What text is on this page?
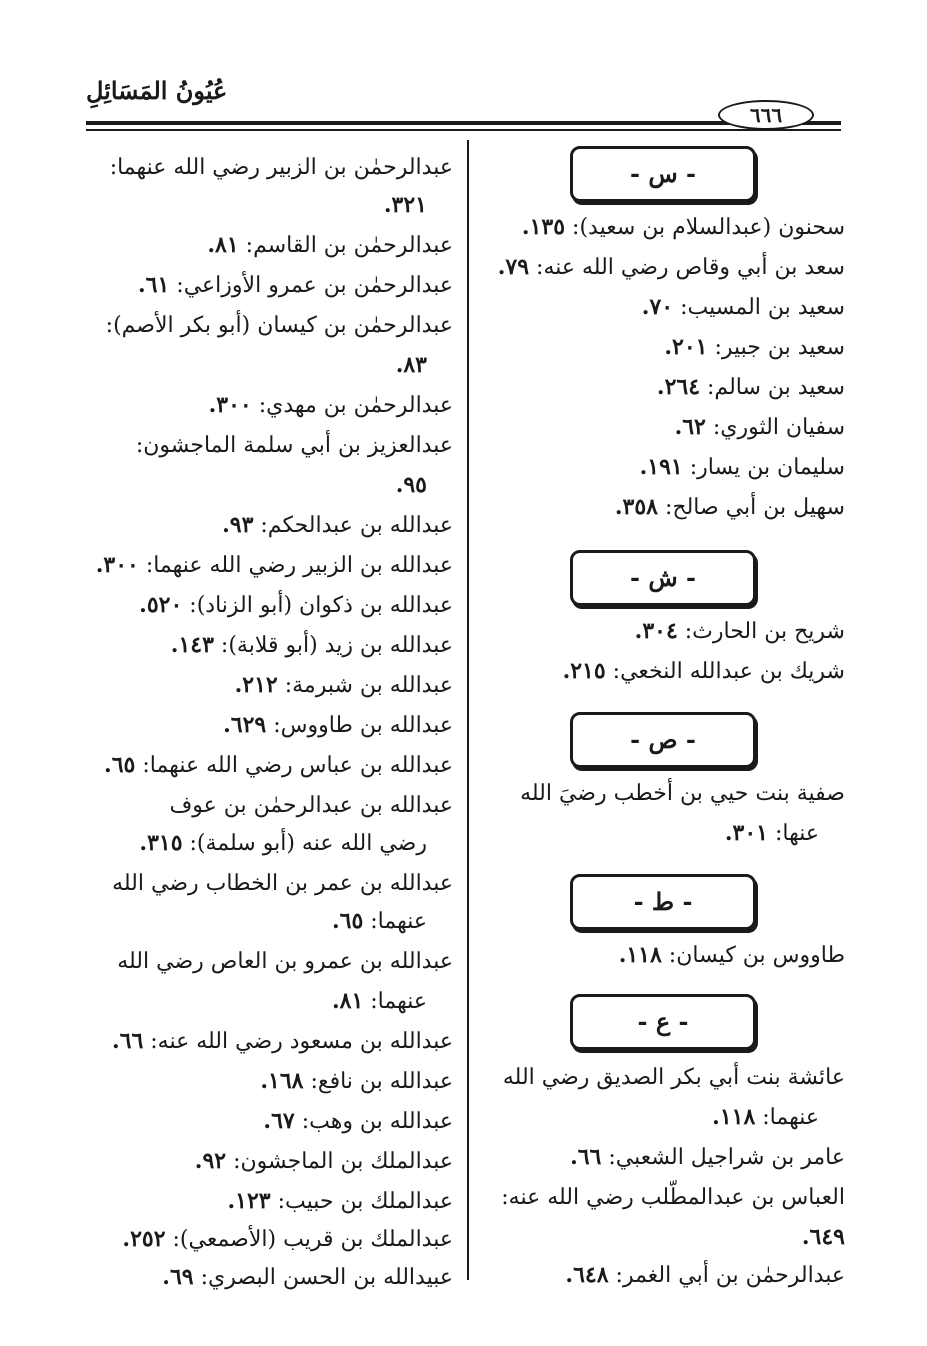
عُيُونُ المَسَائِلِ
٦٦٦
- س -
سحنون (عبدالسلام بن سعيد): ١٣٥.
سعد بن أبي وقاص رضي الله عنه: ٧٩.
سعيد بن المسيب: ٧٠.
سعيد بن جبير: ٢٠١.
سعيد بن سالم: ٢٦٤.
سفيان الثوري: ٦٢.
سليمان بن يسار: ١٩١.
سهيل بن أبي صالح: ٣٥٨.
- ش -
شريح بن الحارث: ٣٠٤.
شريك بن عبدالله النخعي: ٢١٥.
- ص -
صفية بنت حيي بن أخطب رضيَ الله
عنها: ٣٠١.
- ط -
طاووس بن كيسان: ١١٨.
- ع -
عائشة بنت أبي بكر الصديق رضي الله
عنهما: ١١٨.
عامر بن شراجيل الشعبي: ٦٦.
العباس بن عبدالمطّلب رضي الله عنه:
٦٤٩.
عبدالرحمٰن بن أبي الغمر: ٦٤٨.
عبدالرحمٰن بن الزبير رضي الله عنهما:
٣٢١.
عبدالرحمٰن بن القاسم: ٨١.
عبدالرحمٰن بن عمرو الأوزاعي: ٦١.
عبدالرحمٰن بن كيسان (أبو بكر الأصم):
٨٣.
عبدالرحمٰن بن مهدي: ٣٠٠.
عبدالعزيز بن أبي سلمة الماجشون:
٩٥.
عبدالله بن عبدالحكم: ٩٣.
عبدالله بن الزبير رضي الله عنهما: ٣٠٠.
عبدالله بن ذكوان (أبو الزناد): ٥٢٠.
عبدالله بن زيد (أبو قلابة): ١٤٣.
عبدالله بن شبرمة: ٢١٢.
عبدالله بن طاووس: ٦٢٩.
عبدالله بن عباس رضي الله عنهما: ٦٥.
عبدالله بن عبدالرحمٰن بن عوف
رضي الله عنه (أبو سلمة): ٣١٥.
عبدالله بن عمر بن الخطاب رضي الله
عنهما: ٦٥.
عبدالله بن عمرو بن العاص رضي الله
عنهما: ٨١.
عبدالله بن مسعود رضي الله عنه: ٦٦.
عبدالله بن نافع: ١٦٨.
عبدالله بن وهب: ٦٧.
عبدالملك بن الماجشون: ٩٢.
عبدالملك بن حبيب: ١٢٣.
عبدالملك بن قريب (الأصمعي): ٢٥٢.
عبيدالله بن الحسن البصري: ٦٩.
